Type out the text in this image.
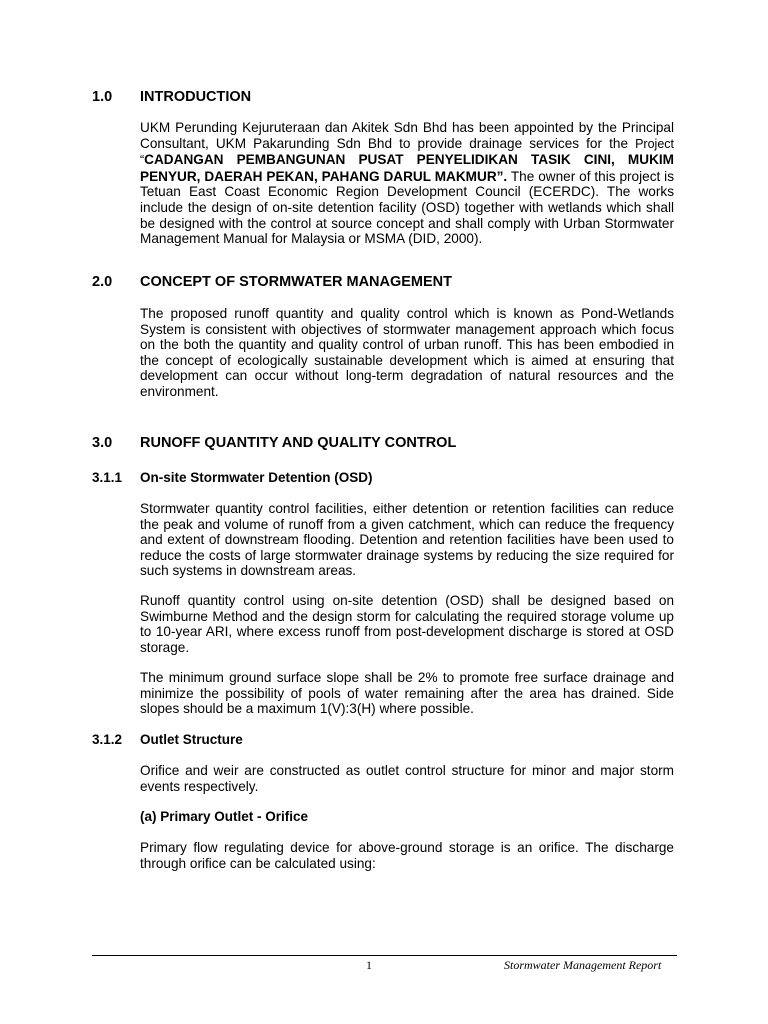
1.0 INTRODUCTION
UKM Perunding Kejuruteraan dan Akitek Sdn Bhd has been appointed by the Principal Consultant, UKM Pakarunding Sdn Bhd to provide drainage services for the Project “CADANGAN PEMBANGUNAN PUSAT PENYELIDIKAN TASIK CINI, MUKIM PENYUR, DAERAH PEKAN, PAHANG DARUL MAKMUR”. The owner of this project is Tetuan East Coast Economic Region Development Council (ECERDC). The works include the design of on-site detention facility (OSD) together with wetlands which shall be designed with the control at source concept and shall comply with Urban Stormwater Management Manual for Malaysia or MSMA (DID, 2000).
2.0 CONCEPT OF STORMWATER MANAGEMENT
The proposed runoff quantity and quality control which is known as Pond-Wetlands System is consistent with objectives of stormwater management approach which focus on the both the quantity and quality control of urban runoff. This has been embodied in the concept of ecologically sustainable development which is aimed at ensuring that development can occur without long-term degradation of natural resources and the environment.
3.0 RUNOFF QUANTITY AND QUALITY CONTROL
3.1.1 On-site Stormwater Detention (OSD)
Stormwater quantity control facilities, either detention or retention facilities can reduce the peak and volume of runoff from a given catchment, which can reduce the frequency and extent of downstream flooding. Detention and retention facilities have been used to reduce the costs of large stormwater drainage systems by reducing the size required for such systems in downstream areas.
Runoff quantity control using on-site detention (OSD) shall be designed based on Swimburne Method and the design storm for calculating the required storage volume up to 10-year ARI, where excess runoff from post-development discharge is stored at OSD storage.
The minimum ground surface slope shall be 2% to promote free surface drainage and minimize the possibility of pools of water remaining after the area has drained. Side slopes should be a maximum 1(V):3(H) where possible.
3.1.2 Outlet Structure
Orifice and weir are constructed as outlet control structure for minor and major storm events respectively.
(a) Primary Outlet - Orifice
Primary flow regulating device for above-ground storage is an orifice. The discharge through orifice can be calculated using:
1	Stormwater Management Report
